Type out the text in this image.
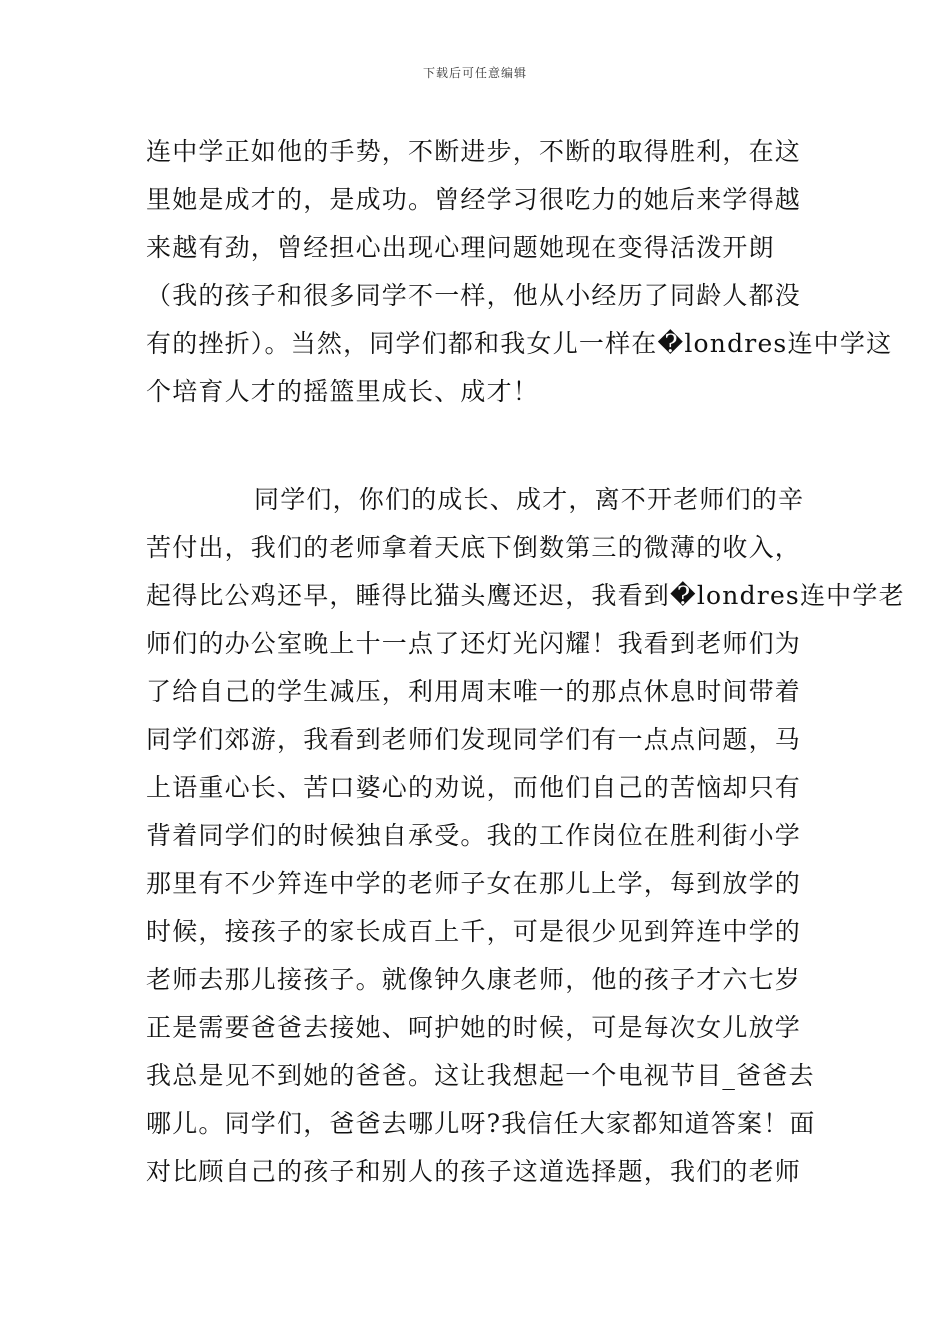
下载后可任意编辑
连中学正如他的手势，不断进步，不断的取得胜利，在这
里她是成才的，是成功。曾经学习很吃力的她后来学得越
来越有劲，曾经担心出现心理问题她现在变得活泼开朗
（我的孩子和很多同学不一样，他从小经历了同龄人都没
有的挫折）。当然，同学们都和我女儿一样在�londres连中学这
个培育人才的摇篮里成长、成才！
同学们，你们的成长、成才，离不开老师们的辛
苦付出，我们的老师拿着天底下倒数第三的微薄的收入，
起得比公鸡还早，睡得比猫头鹰还迟，我看到�londres连中学老
师们的办公室晚上十一点了还灯光闪耀！我看到老师们为
了给自己的学生减压，利用周末唯一的那点休息时间带着
同学们郊游，我看到老师们发现同学们有一点点问题，马
上语重心长、苦口婆心的劝说，而他们自己的苦恼却只有
背着同学们的时候独自承受。我的工作岗位在胜利街小学
那里有不少筓连中学的老师子女在那儿上学，每到放学的
时候，接孩子的家长成百上千，可是很少见到筓连中学的
老师去那儿接孩子。就像钟久康老师，他的孩子才六七岁
正是需要爸爸去接她、呵护她的时候，可是每次女儿放学
我总是见不到她的爸爸。这让我想起一个电视节目_爸爸去
哪儿。同学们，爸爸去哪儿呀?我信任大家都知道答案！面
对比顾自己的孩子和别人的孩子这道选择题，我们的老师
